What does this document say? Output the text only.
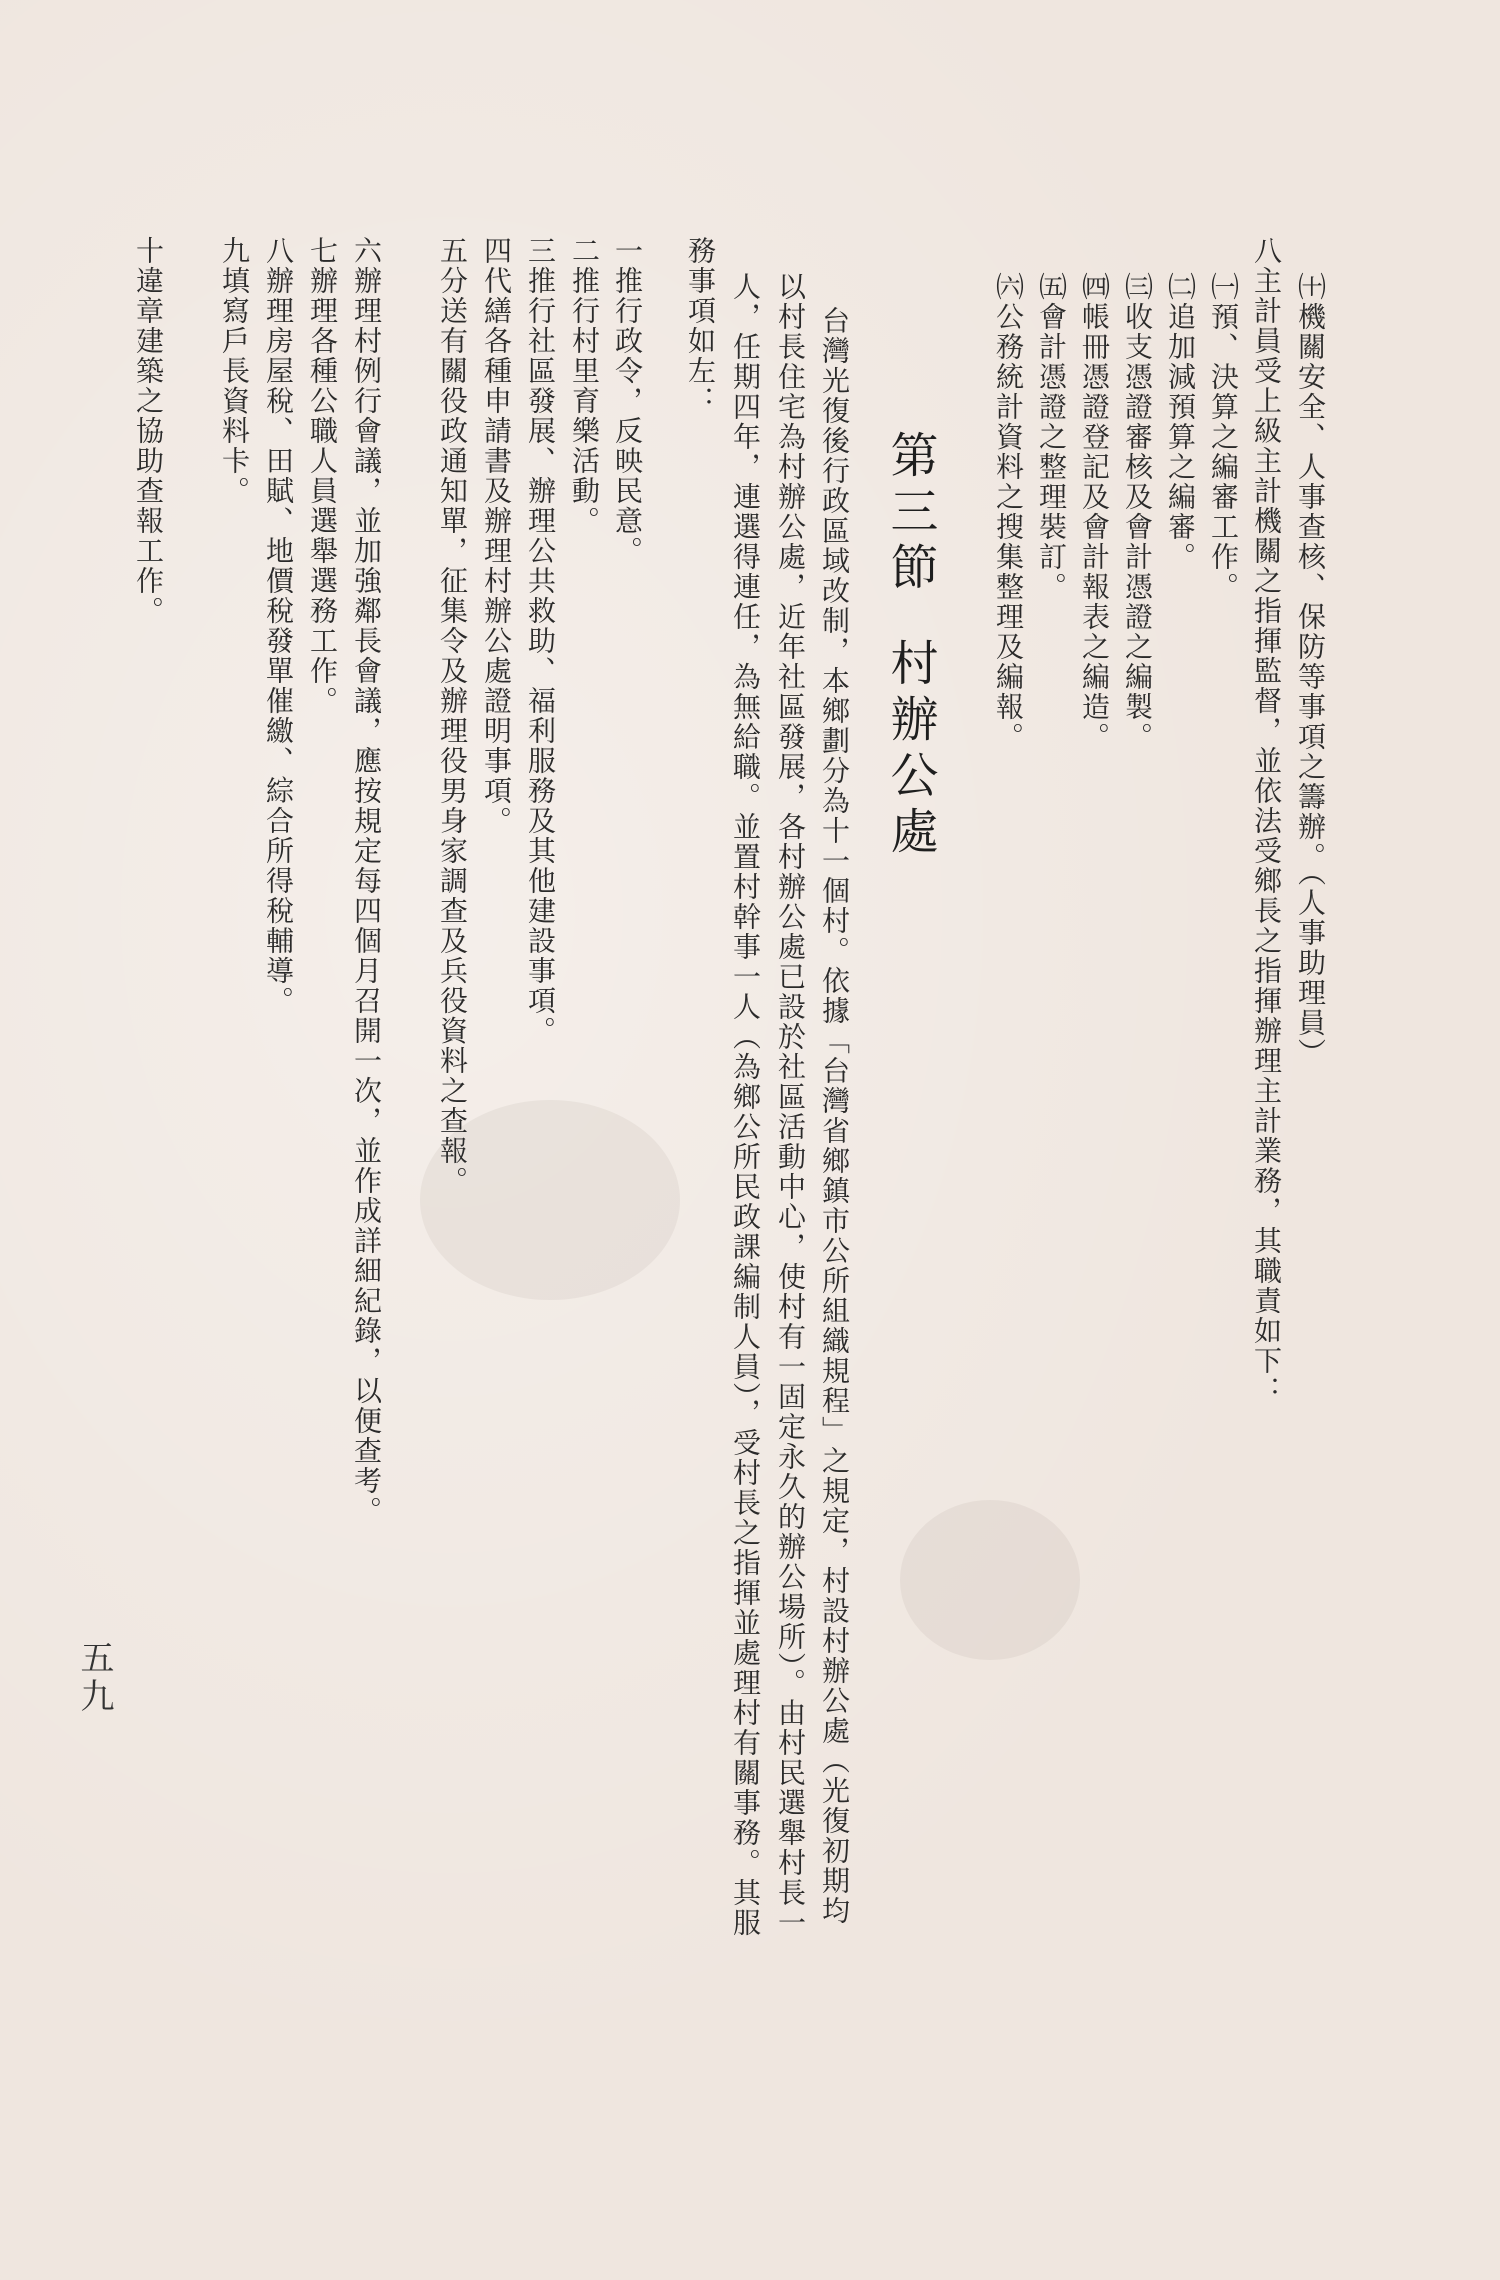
㈩機關安全、人事查核、保防等事項之籌辦。（人事助理員）
八主計員受上級主計機關之指揮監督，並依法受鄉長之指揮辦理主計業務，其職責如下：
㈠預、決算之編審工作。
㈡追加減預算之編審。
㈢收支憑證審核及會計憑證之編製。
㈣帳冊憑證登記及會計報表之編造。
㈤會計憑證之整理裝訂。
㈥公務統計資料之搜集整理及編報。
第三節村辦公處
台灣光復後行政區域改制，本鄉劃分為十一個村。依據「台灣省鄉鎮市公所組織規程」之規定，村設村辦公處（光復初期均
以村長住宅為村辦公處，近年社區發展，各村辦公處已設於社區活動中心，使村有一固定永久的辦公場所）。由村民選舉村長一
人，任期四年，連選得連任，為無給職。並置村幹事一人（為鄉公所民政課編制人員），受村長之指揮並處理村有關事務。其服
務事項如左：
一推行政令，反映民意。
二推行村里育樂活動。
三推行社區發展、辦理公共救助、福利服務及其他建設事項。
四代繕各種申請書及辦理村辦公處證明事項。
五分送有關役政通知單，征集令及辦理役男身家調查及兵役資料之查報。
六辦理村例行會議，並加強鄰長會議，應按規定每四個月召開一次，並作成詳細紀錄，以便查考。
七辦理各種公職人員選舉選務工作。
八辦理房屋稅、田賦、地價稅發單催繳、綜合所得稅輔導。
九填寫戶長資料卡。
十違章建築之協助查報工作。
五九
